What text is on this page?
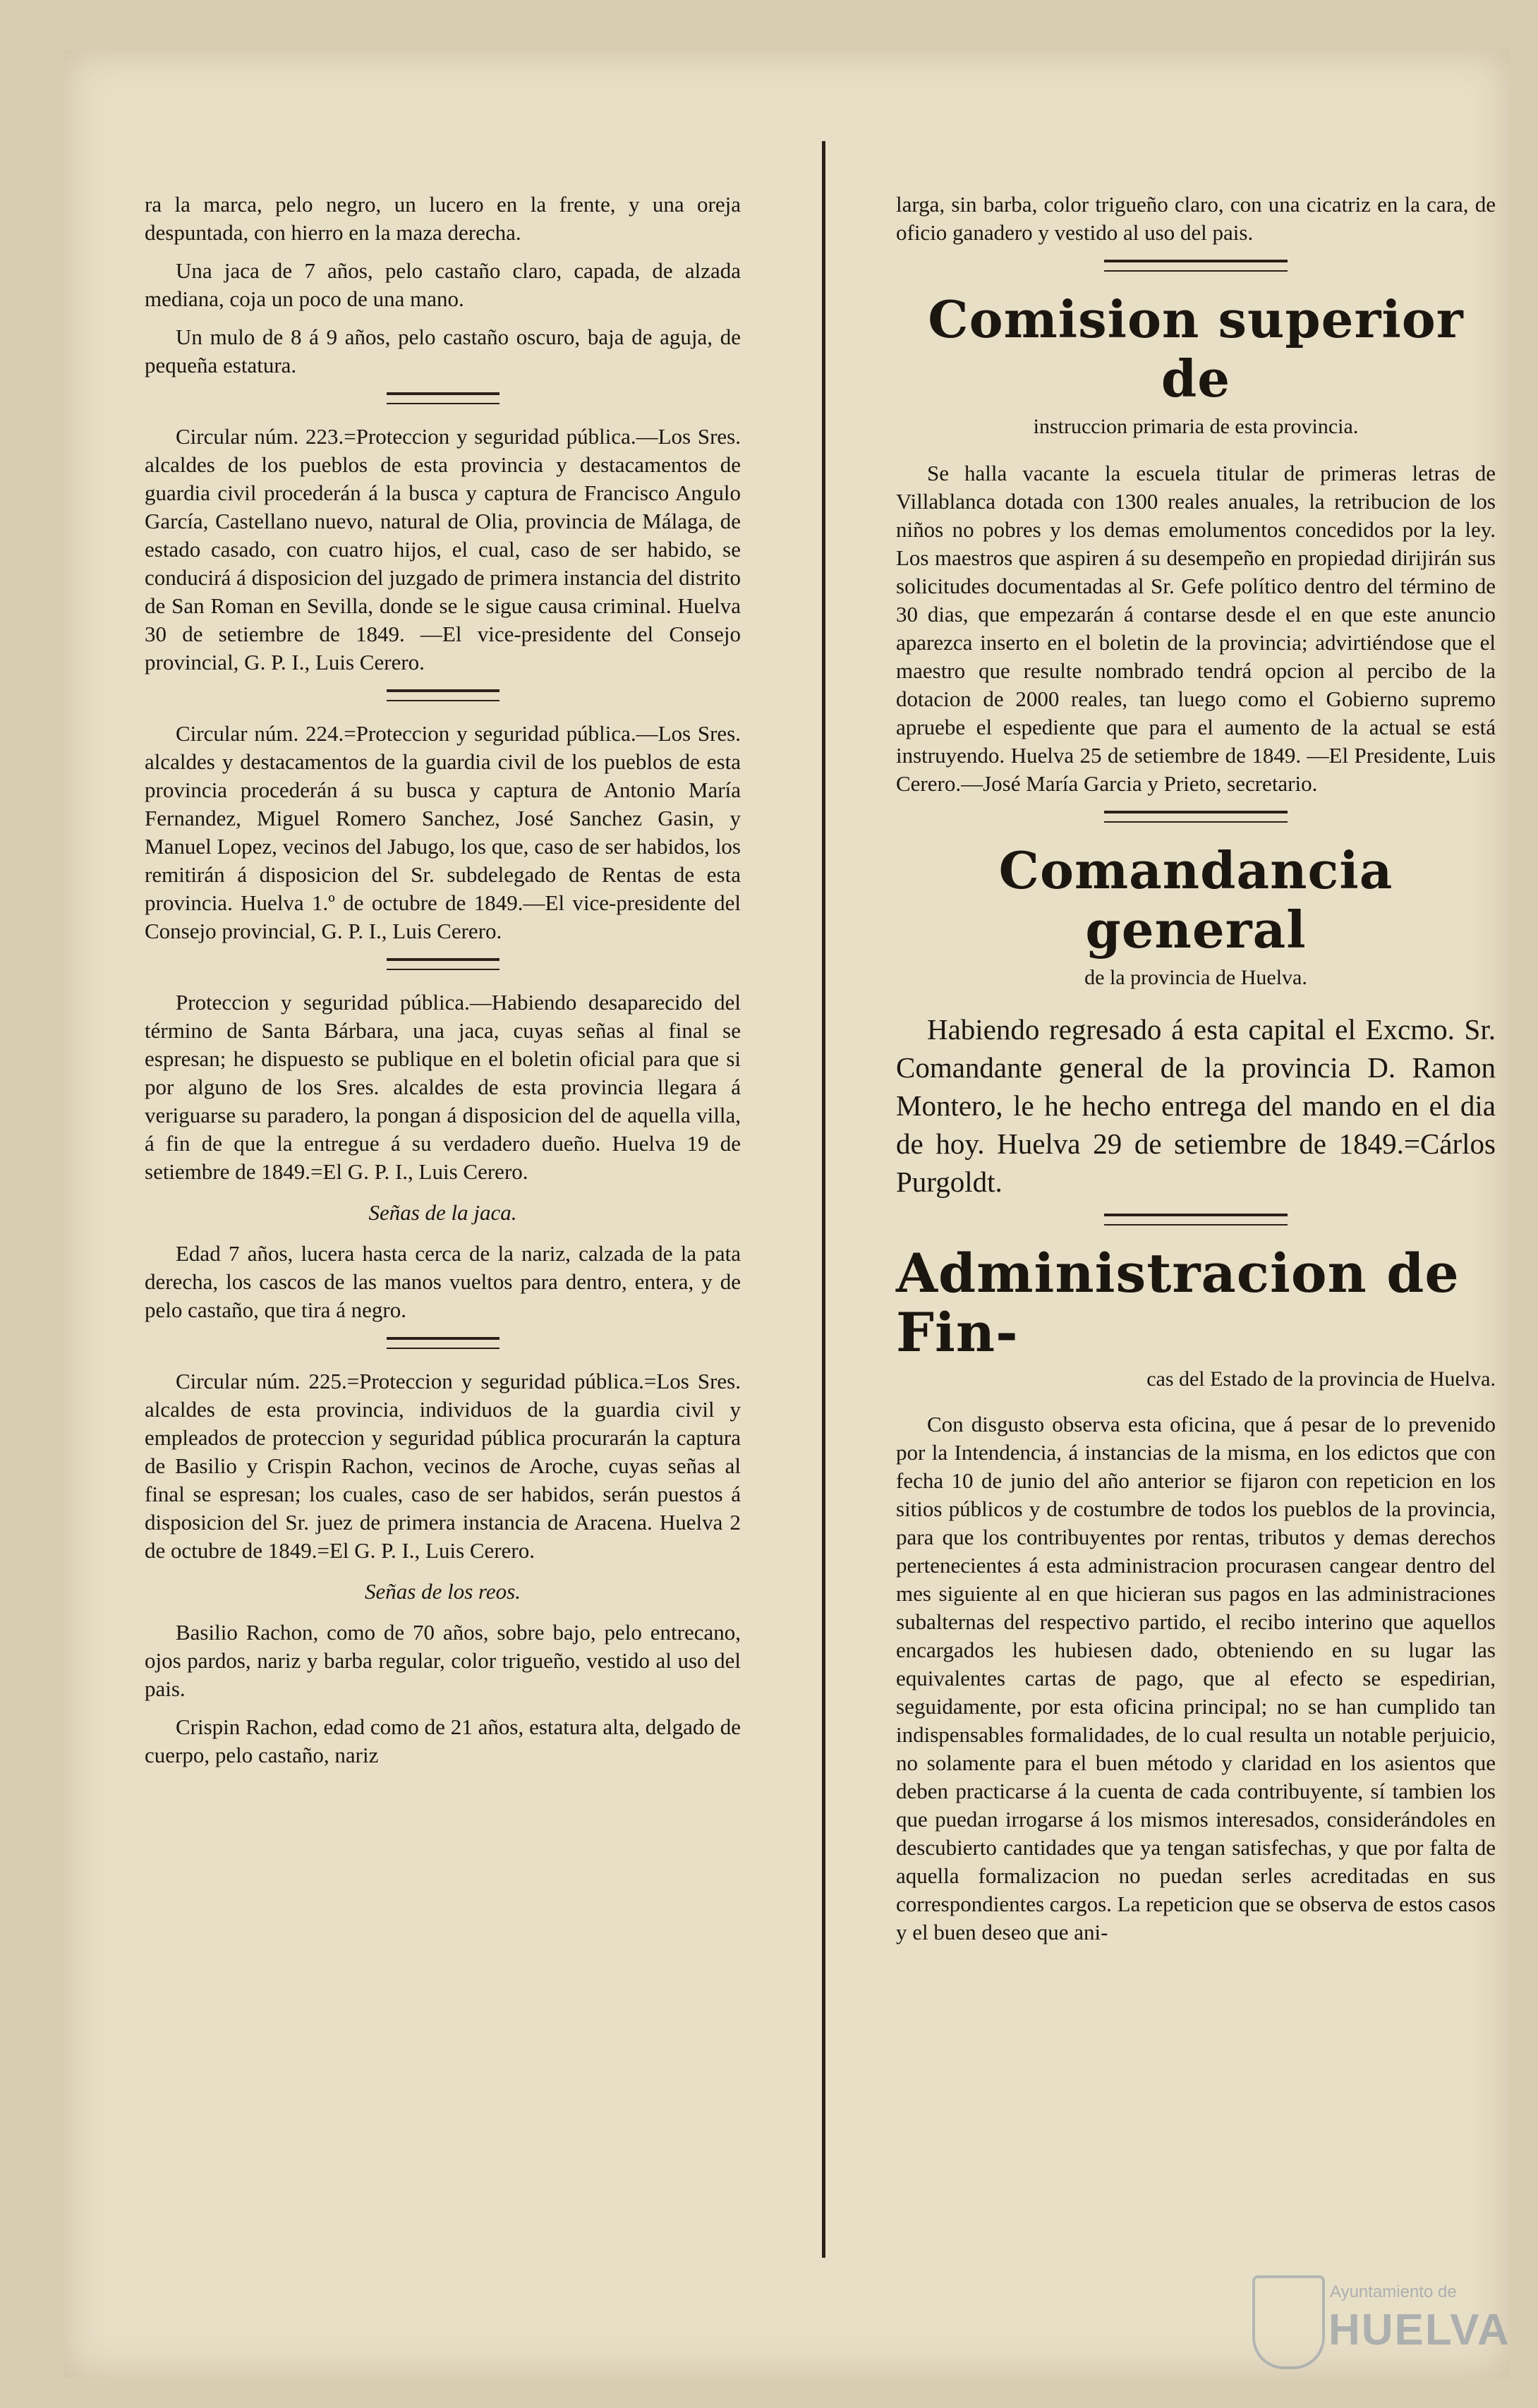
ra la marca, pelo negro, un lucero en la frente, y una oreja despuntada, con hierro en la maza derecha.

Una jaca de 7 años, pelo castaño claro, capada, de alzada mediana, coja un poco de una mano.

Un mulo de 8 á 9 años, pelo castaño oscuro, baja de aguja, de pequeña estatura.

Circular núm. 223.=Proteccion y seguridad pública.—Los Sres. alcaldes de los pueblos de esta provincia y destacamentos de guardia civil procederán á la busca y captura de Francisco Angulo García, Castellano nuevo, natural de Olia, provincia de Málaga, de estado casado, con cuatro hijos, el cual, caso de ser habido, se conducirá á disposicion del juzgado de primera instancia del distrito de San Roman en Sevilla, donde se le sigue causa criminal. Huelva 30 de setiembre de 1849. —El vice-presidente del Consejo provincial, G. P. I., Luis Cerero.

Circular núm. 224.=Proteccion y seguridad pública.—Los Sres. alcaldes y destacamentos de la guardia civil de los pueblos de esta provincia procederán á su busca y captura de Antonio María Fernandez, Miguel Romero Sanchez, José Sanchez Gasin, y Manuel Lopez, vecinos del Jabugo, los que, caso de ser habidos, los remitirán á disposicion del Sr. subdelegado de Rentas de esta provincia. Huelva 1.º de octubre de 1849.—El vice-presidente del Consejo provincial, G. P. I., Luis Cerero.

Proteccion y seguridad pública.—Habiendo desaparecido del término de Santa Bárbara, una jaca, cuyas señas al final se espresan; he dispuesto se publique en el boletin oficial para que si por alguno de los Sres. alcaldes de esta provincia llegara á veriguarse su paradero, la pongan á disposicion del de aquella villa, á fin de que la entregue á su verdadero dueño. Huelva 19 de setiembre de 1849.=El G. P. I., Luis Cerero.

Señas de la jaca.

Edad 7 años, lucera hasta cerca de la nariz, calzada de la pata derecha, los cascos de las manos vueltos para dentro, entera, y de pelo castaño, que tira á negro.

Circular núm. 225.=Proteccion y seguridad pública.=Los Sres. alcaldes de esta provincia, individuos de la guardia civil y empleados de proteccion y seguridad pública procurarán la captura de Basilio y Crispin Rachon, vecinos de Aroche, cuyas señas al final se espresan; los cuales, caso de ser habidos, serán puestos á disposicion del Sr. juez de primera instancia de Aracena. Huelva 2 de octubre de 1849.=El G. P. I., Luis Cerero.

Señas de los reos.

Basilio Rachon, como de 70 años, sobre bajo, pelo entrecano, ojos pardos, nariz y barba regular, color trigueño, vestido al uso del pais.

Crispin Rachon, edad como de 21 años, estatura alta, delgado de cuerpo, pelo castaño, nariz

larga, sin barba, color trigueño claro, con una cicatriz en la cara, de oficio ganadero y vestido al uso del pais.

Comision superior de

instruccion primaria de esta provincia.

Se halla vacante la escuela titular de primeras letras de Villablanca dotada con 1300 reales anuales, la retribucion de los niños no pobres y los demas emolumentos concedidos por la ley. Los maestros que aspiren á su desempeño en propiedad dirijirán sus solicitudes documentadas al Sr. Gefe político dentro del término de 30 dias, que empezarán á contarse desde el en que este anuncio aparezca inserto en el boletin de la provincia; advirtiéndose que el maestro que resulte nombrado tendrá opcion al percibo de la dotacion de 2000 reales, tan luego como el Gobierno supremo apruebe el espediente que para el aumento de la actual se está instruyendo. Huelva 25 de setiembre de 1849. —El Presidente, Luis Cerero.—José María Garcia y Prieto, secretario.

Comandancia general

de la provincia de Huelva.

Habiendo regresado á esta capital el Excmo. Sr. Comandante general de la provincia D. Ramon Montero, le he hecho entrega del mando en el dia de hoy. Huelva 29 de setiembre de 1849.=Cárlos Purgoldt.

Administracion de Fin-

cas del Estado de la provincia de Huelva.

Con disgusto observa esta oficina, que á pesar de lo prevenido por la Intendencia, á instancias de la misma, en los edictos que con fecha 10 de junio del año anterior se fijaron con repeticion en los sitios públicos y de costumbre de todos los pueblos de la provincia, para que los contribuyentes por rentas, tributos y demas derechos pertenecientes á esta administracion procurasen cangear dentro del mes siguiente al en que hicieran sus pagos en las administraciones subalternas del respectivo partido, el recibo interino que aquellos encargados les hubiesen dado, obteniendo en su lugar las equivalentes cartas de pago, que al efecto se espedirian, seguidamente, por esta oficina principal; no se han cumplido tan indispensables formalidades, de lo cual resulta un notable perjuicio, no solamente para el buen método y claridad en los asientos que deben practicarse á la cuenta de cada contribuyente, sí tambien los que puedan irrogarse á los mismos interesados, considerándoles en descubierto cantidades que ya tengan satisfechas, y que por falta de aquella formalizacion no puedan serles acreditadas en sus correspondientes cargos. La repeticion que se observa de estos casos y el buen deseo que ani-

Ayuntamiento de
HUELVA
